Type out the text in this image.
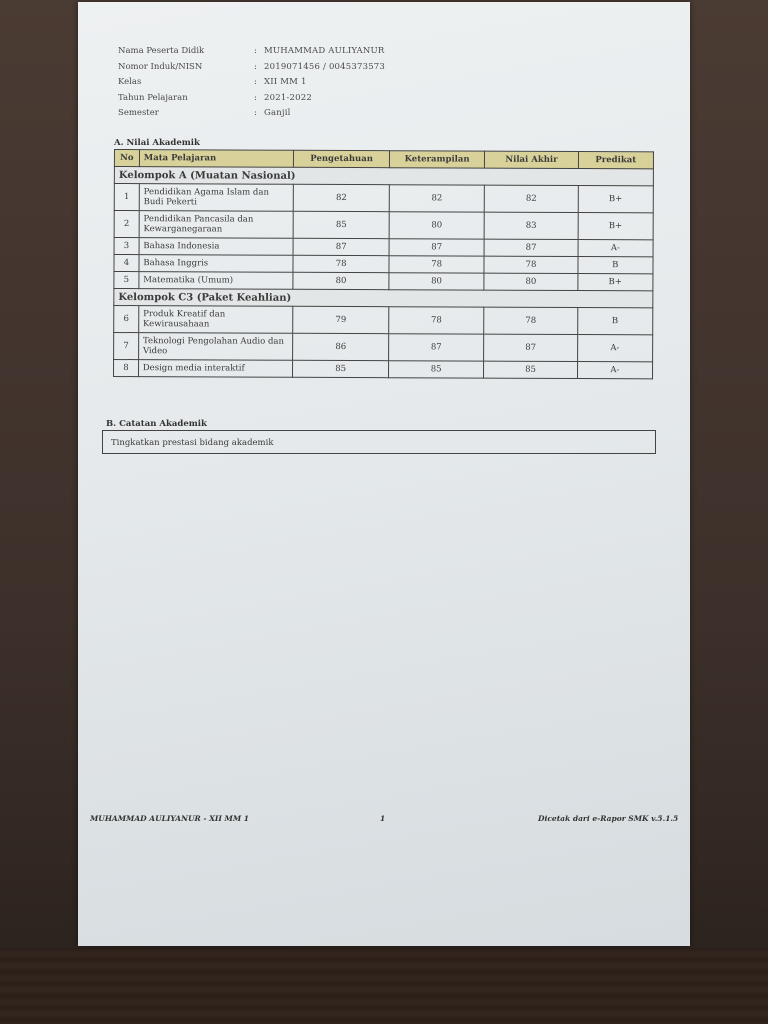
Nama Peserta Didik	: MUHAMMAD AULIYANUR
Nomor Induk/NISN	: 2019071456 / 0045373573
Kelas	: XII MM 1
Tahun Pelajaran	: 2021-2022
Semester	: Ganjil
A. Nilai Akademik
No	Mata Pelajaran	Pengetahuan	Keterampilan	Nilai Akhir	Predikat
Kelompok A (Muatan Nasional)					
1	Pendidikan Agama Islam dan Budi Pekerti	82	82	82	B+
2	Pendidikan Pancasila dan Kewarganegaraan	85	80	83	B+
3	Bahasa Indonesia	87	87	87	A-
4	Bahasa Inggris	78	78	78	B
5	Matematika (Umum)	80	80	80	B+
Kelompok C3 (Paket Keahlian)					
6	Produk Kreatif dan Kewirausahaan	79	78	78	B
7	Teknologi Pengolahan Audio dan Video	86	87	87	A-
8	Design media interaktif	85	85	85	A-
B. Catatan Akademik
Tingkatkan prestasi bidang akademik
MUHAMMAD AULIYANUR - XII MM 1	1	Dicetak dari e-Rapor SMK v.5.1.5
